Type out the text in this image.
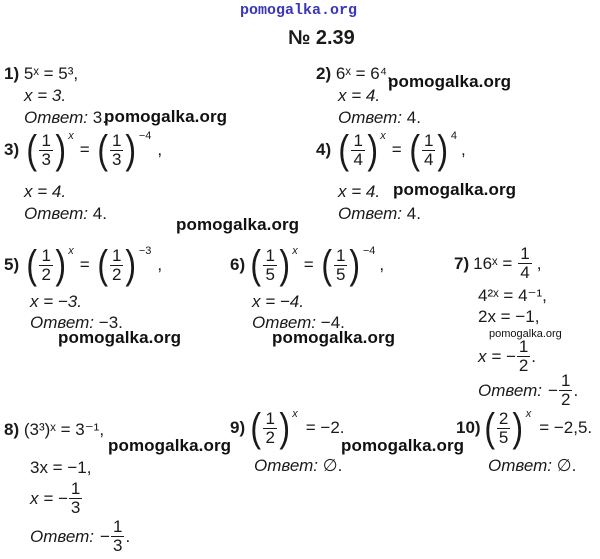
pomogalka.org
№ 2.39
1) 5ˣ = 5³,
x = 3.
Ответ: 3.
pomogalka.org
2) 6ˣ = 6⁴,
pomogalka.org
x = 4.
Ответ: 4.
3) ( $\frac{1}{3}$ ) x
= ( $\frac{1}{3}$ ) −4
,
x = 4.
Ответ: 4.
4) ( $\frac{1}{4}$ ) x
= ( $\frac{1}{4}$ ) 4
,
x = 4. pomogalka.org
Ответ: 4.
pomogalka.org
5) ( $\frac{1}{2}$ ) x
= ( $\frac{1}{2}$ ) −3
,
x = −3.
Ответ: −3.
pomogalka.org
6) ( $\frac{1}{5}$ ) x
= ( $\frac{1}{5}$ ) −4
,
x = −4.
Ответ: −4.
pomogalka.org
7) 16ˣ = $\frac{1}{4}$ ,
4²ˣ = 4⁻¹,
2x = −1,
pomogalka.org
x = − $\frac{1}{2}$ .
Ответ: − $\frac{1}{2}$ .
8) (3³)ˣ = 3⁻¹,
pomogalka.org
3x = −1,
x = − $\frac{1}{3}$
Ответ: − $\frac{1}{3}$ .
9) ( $\frac{1}{2}$ ) x
= −2.
Ответ: ∅.
pomogalka.org
10) ( $\frac{2}{5}$ ) x
= −2,5.
Ответ: ∅.
